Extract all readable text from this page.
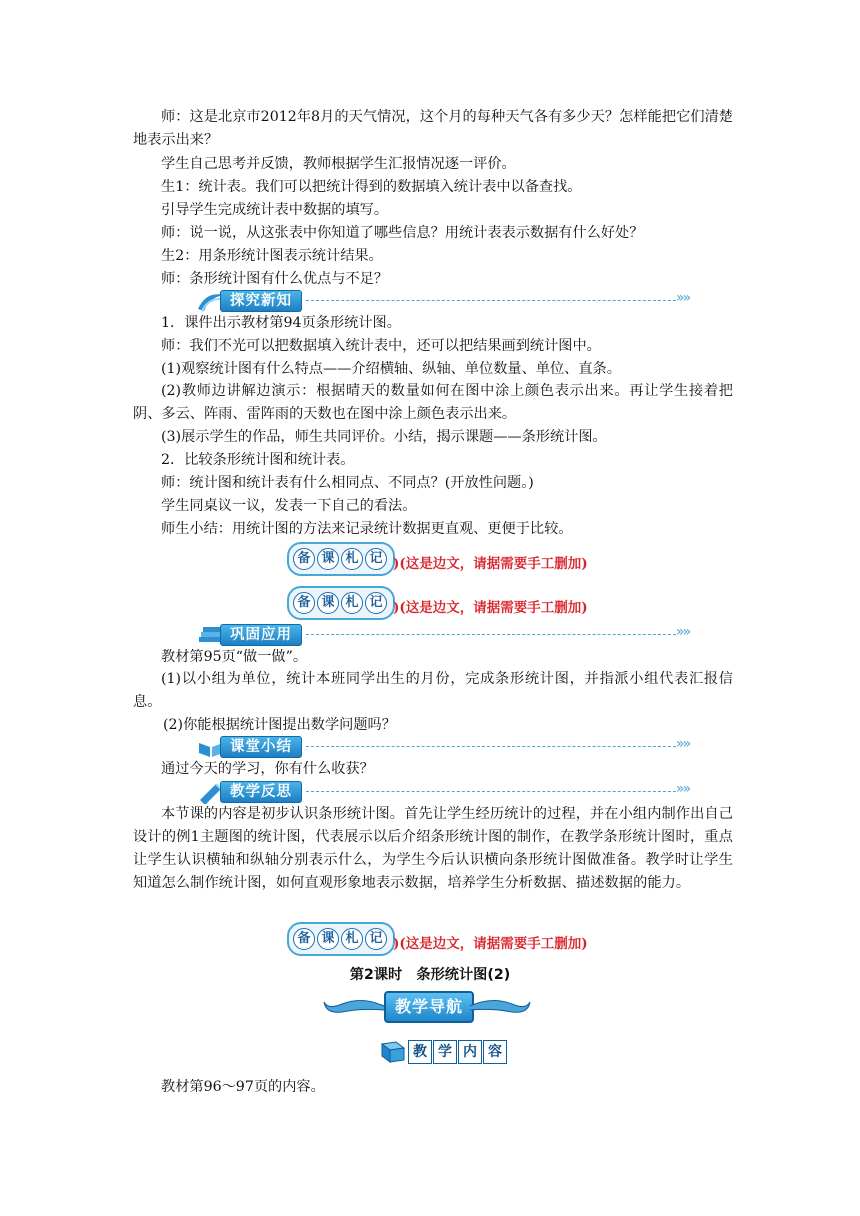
师：这是北京市2012年8月的天气情况，这个月的每种天气各有多少天？怎样能把它们清楚地表示出来？
学生自己思考并反馈，教师根据学生汇报情况逐一评价。
生1：统计表。我们可以把统计得到的数据填入统计表中以备查找。
引导学生完成统计表中数据的填写。
师：说一说，从这张表中你知道了哪些信息？用统计表表示数据有什么好处？
生2：用条形统计图表示统计结果。
师：条形统计图有什么优点与不足？
探究新知	»»
1．课件出示教材第94页条形统计图。
师：我们不光可以把数据填入统计表中，还可以把结果画到统计图中。
(1)观察统计图有什么特点——介绍横轴、纵轴、单位数量、单位、直条。
(2)教师边讲解边演示：根据晴天的数量如何在图中涂上颜色表示出来。再让学生接着把阴、多云、阵雨、雷阵雨的天数也在图中涂上颜色表示出来。
(3)展示学生的作品，师生共同评价。小结，揭示课题——条形统计图。
2．比较条形统计图和统计表。
师：统计图和统计表有什么相同点、不同点？(开放性问题。)
学生同桌议一议，发表一下自己的看法。
师生小结：用统计图的方法来记录统计数据更直观、更便于比较。
备 课 札 记 )(这是边文，请据需要手工删加)
备 课 札 记 )(这是边文，请据需要手工删加)
巩固应用	»»
教材第95页“做一做”。
(1)以小组为单位，统计本班同学出生的月份，完成条形统计图，并指派小组代表汇报信息。
(2)你能根据统计图提出数学问题吗？
课堂小结	»»
通过今天的学习，你有什么收获？
教学反思	»»
本节课的内容是初步认识条形统计图。首先让学生经历统计的过程，并在小组内制作出自己设计的例1主题图的统计图，代表展示以后介绍条形统计图的制作，在教学条形统计图时，重点让学生认识横轴和纵轴分别表示什么，为学生今后认识横向条形统计图做准备。教学时让学生知道怎么制作统计图，如何直观形象地表示数据，培养学生分析数据、描述数据的能力。
备 课 札 记 )(这是边文，请据需要手工删加)
第2课时　条形统计图(2)
教学导航
教 学 内 容
教材第96～97页的内容。
